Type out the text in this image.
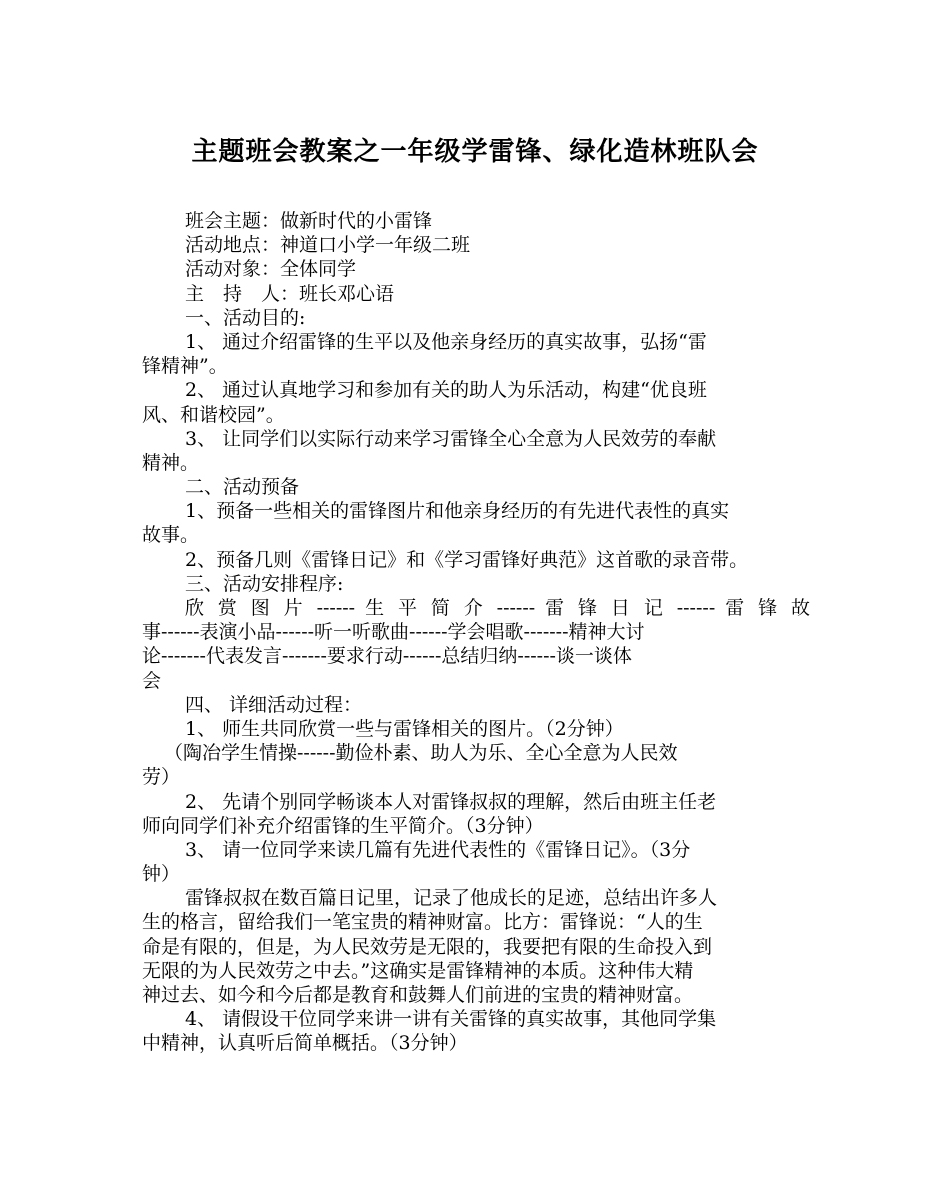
主题班会教案之一年级学雷锋、绿化造林班队会
班会主题：做新时代的小雷锋
活动地点：神道口小学一年级二班
活动对象：全体同学
主　持　人：班长邓心语
一、活动目的:
1、 通过介绍雷锋的生平以及他亲身经历的真实故事，弘扬“雷
锋精神”。
2、 通过认真地学习和参加有关的助人为乐活动，构建“优良班
风、和谐校园”。
3、 让同学们以实际行动来学习雷锋全心全意为人民效劳的奉献
精神。
二、活动预备
1、预备一些相关的雷锋图片和他亲身经历的有先进代表性的真实
故事。
2、预备几则《雷锋日记》和《学习雷锋好典范》这首歌的录音带。
三、活动安排程序:
欣 赏 图 片 ------ 生 平 简 介 ------ 雷 锋 日 记 ------ 雷 锋 故
事------表演小品------听一听歌曲------学会唱歌-------精神大讨
论-------代表发言-------要求行动------总结归纳------谈一谈体
会
四、 详细活动过程：
1、 师生共同欣赏一些与雷锋相关的图片。（2分钟）
（陶冶学生情操------勤俭朴素、助人为乐、全心全意为人民效
劳）
2、 先请个别同学畅谈本人对雷锋叔叔的理解，然后由班主任老
师向同学们补充介绍雷锋的生平简介。（3分钟）
3、 请一位同学来读几篇有先进代表性的《雷锋日记》。（3分
钟）
雷锋叔叔在数百篇日记里，记录了他成长的足迹，总结出许多人
生的格言，留给我们一笔宝贵的精神财富。比方：雷锋说：“人的生
命是有限的，但是，为人民效劳是无限的，我要把有限的生命投入到
无限的为人民效劳之中去。”这确实是雷锋精神的本质。这种伟大精
神过去、如今和今后都是教育和鼓舞人们前进的宝贵的精神财富。
4、 请假设干位同学来讲一讲有关雷锋的真实故事，其他同学集
中精神，认真听后简单概括。（3分钟）
